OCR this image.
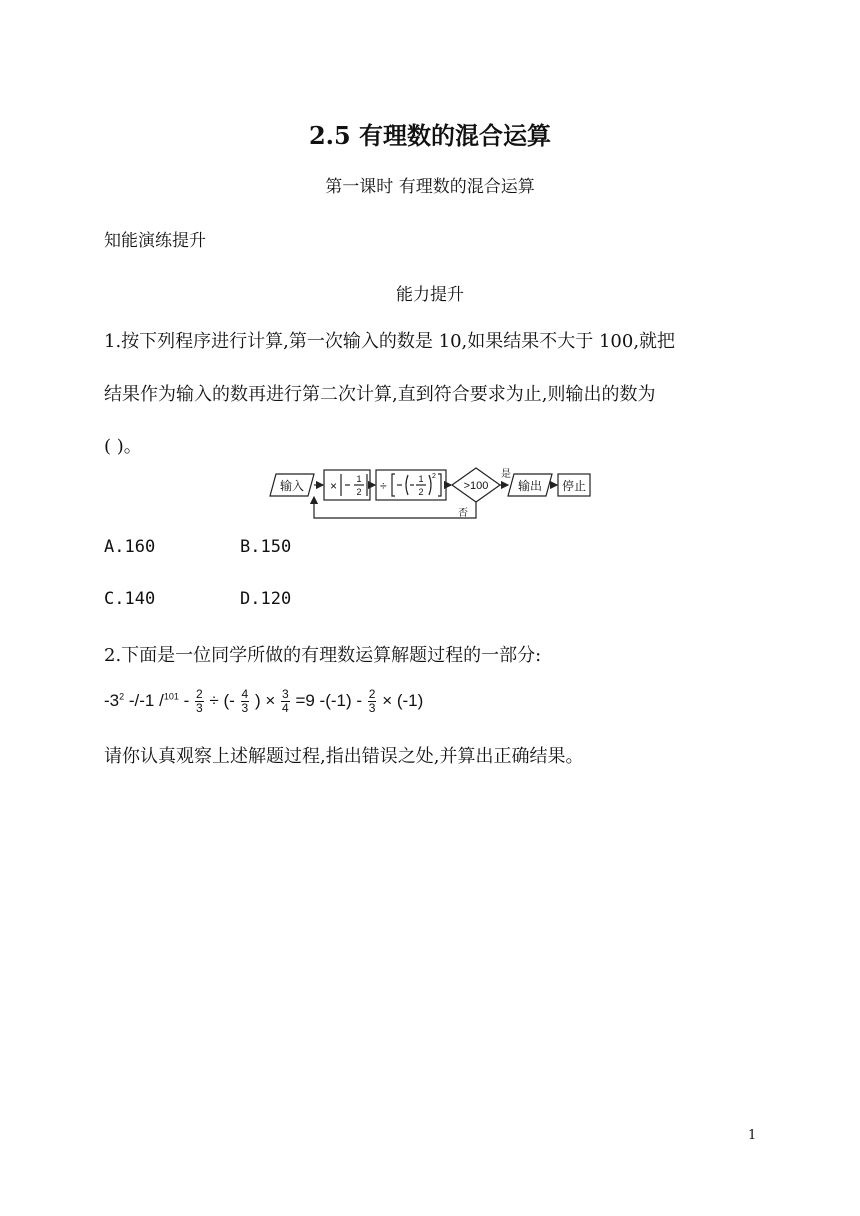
2.5 有理数的混合运算
第一课时 有理数的混合运算
知能演练提升
能力提升
1.按下列程序进行计算,第一次输入的数是 10,如果结果不大于 100,就把
结果作为输入的数再进行第二次计算,直到符合要求为止,则输出的数为
( )。
输入 × 1
2 ÷	1
2
2
>100
是
输出 停止
否
A.160	B.150
C.140	D.120
2.下面是一位同学所做的有理数运算解题过程的一部分:
$-3^2$ -/-1 $/^{101} - \frac{2}{3}$ ÷ (- $\frac{4}{3}$ ) × $\frac{3}{4} =9$ $-(-1) - \frac{2}{3} \times (-1)$
请你认真观察上述解题过程,指出错误之处,并算出正确结果。
1
